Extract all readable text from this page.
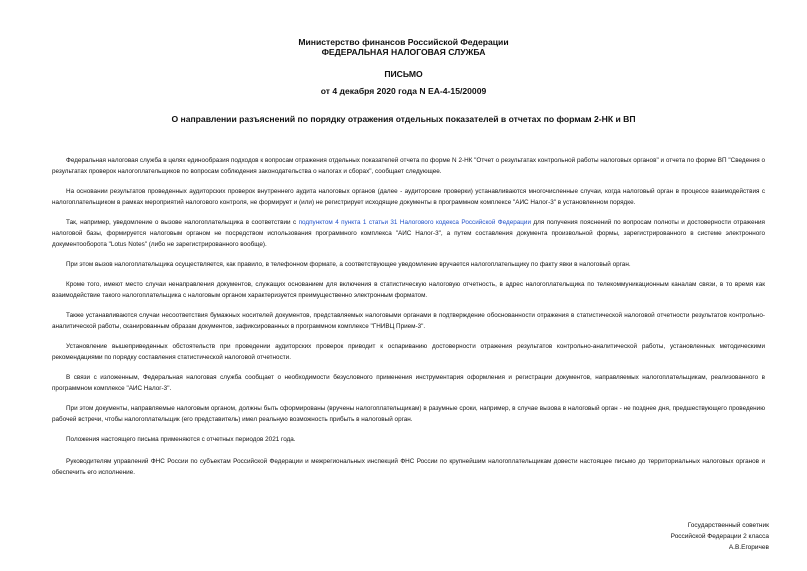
Министерство финансов Российской Федерации
ФЕДЕРАЛЬНАЯ НАЛОГОВАЯ СЛУЖБА
ПИСЬМО
от 4 декабря 2020 года N ЕА-4-15/20009
О направлении разъяснений по порядку отражения отдельных показателей в отчетах по формам 2-НК и ВП

Федеральная налоговая служба в целях единообразия подходов к вопросам отражения отдельных показателей отчета по форме N 2-НК "Отчет о результатах контрольной работы налоговых органов" и отчета по форме ВП "Сведения о результатах проверок налогоплательщиков по вопросам соблюдения законодательства о налогах и сборах", сообщает следующее.

На основании результатов проведенных аудиторских проверок внутреннего аудита налоговых органов (далее - аудиторские проверки) устанавливаются многочисленные случаи, когда налоговый орган в процессе взаимодействия с налогоплательщиком в рамках мероприятий налогового контроля, не формирует и (или) не регистрирует исходящие документы в программном комплексе "АИС Налог-3" в установленном порядке.

Так, например, уведомление о вызове налогоплательщика в соответствии с подпунктом 4 пункта 1 статьи 31 Налогового кодекса Российской Федерации для получения пояснений по вопросам полноты и достоверности отражения налоговой базы, формируется налоговым органом не посредством использования программного комплекса "АИС Налог-3", а путем составления документа произвольной формы, зарегистрированного в системе электронного документооборота "Lotus Notes" (либо не зарегистрированного вообще).

При этом вызов налогоплательщика осуществляется, как правило, в телефонном формате, а соответствующее уведомление вручается налогоплательщику по факту явки в налоговый орган.

Кроме того, имеют место случаи ненаправления документов, служащих основанием для включения в статистическую налоговую отчетность, в адрес налогоплательщика по телекоммуникационным каналам связи, в то время как взаимодействие такого налогоплательщика с налоговым органом характеризуется преимущественно электронным форматом.

Также устанавливаются случаи несоответствия бумажных носителей документов, представляемых налоговыми органами в подтверждение обоснованности отражения в статистической налоговой отчетности результатов контрольно-аналитической работы, сканированным образам документов, зафиксированных в программном комплексе "ГНИВЦ Прием-3".

Установление вышеприведенных обстоятельств при проведении аудиторских проверок приводит к оспариванию достоверности отражения результатов контрольно-аналитической работы, установленных методическими рекомендациями по порядку составления статистической налоговой отчетности.

В связи с изложенным, Федеральная налоговая служба сообщает о необходимости безусловного применения инструментария оформления и регистрации документов, направляемых налогоплательщикам, реализованного в программном комплексе "АИС Налог-3".

При этом документы, направляемые налоговым органом, должны быть сформированы (вручены налогоплательщикам) в разумные сроки, например, в случае вызова в налоговый орган - не позднее дня, предшествующего проведению рабочей встречи, чтобы налогоплательщик (его представитель) имел реальную возможность прибыть в налоговый орган.

Положения настоящего письма применяются с отчетных периодов 2021 года.

Руководителям управлений ФНС России по субъектам Российской Федерации и межрегиональных инспекций ФНС России по крупнейшим налогоплательщикам довести настоящее письмо до территориальных налоговых органов и обеспечить его исполнение.

Государственный советник
Российской Федерации 2 класса
А.В.Егоричев
